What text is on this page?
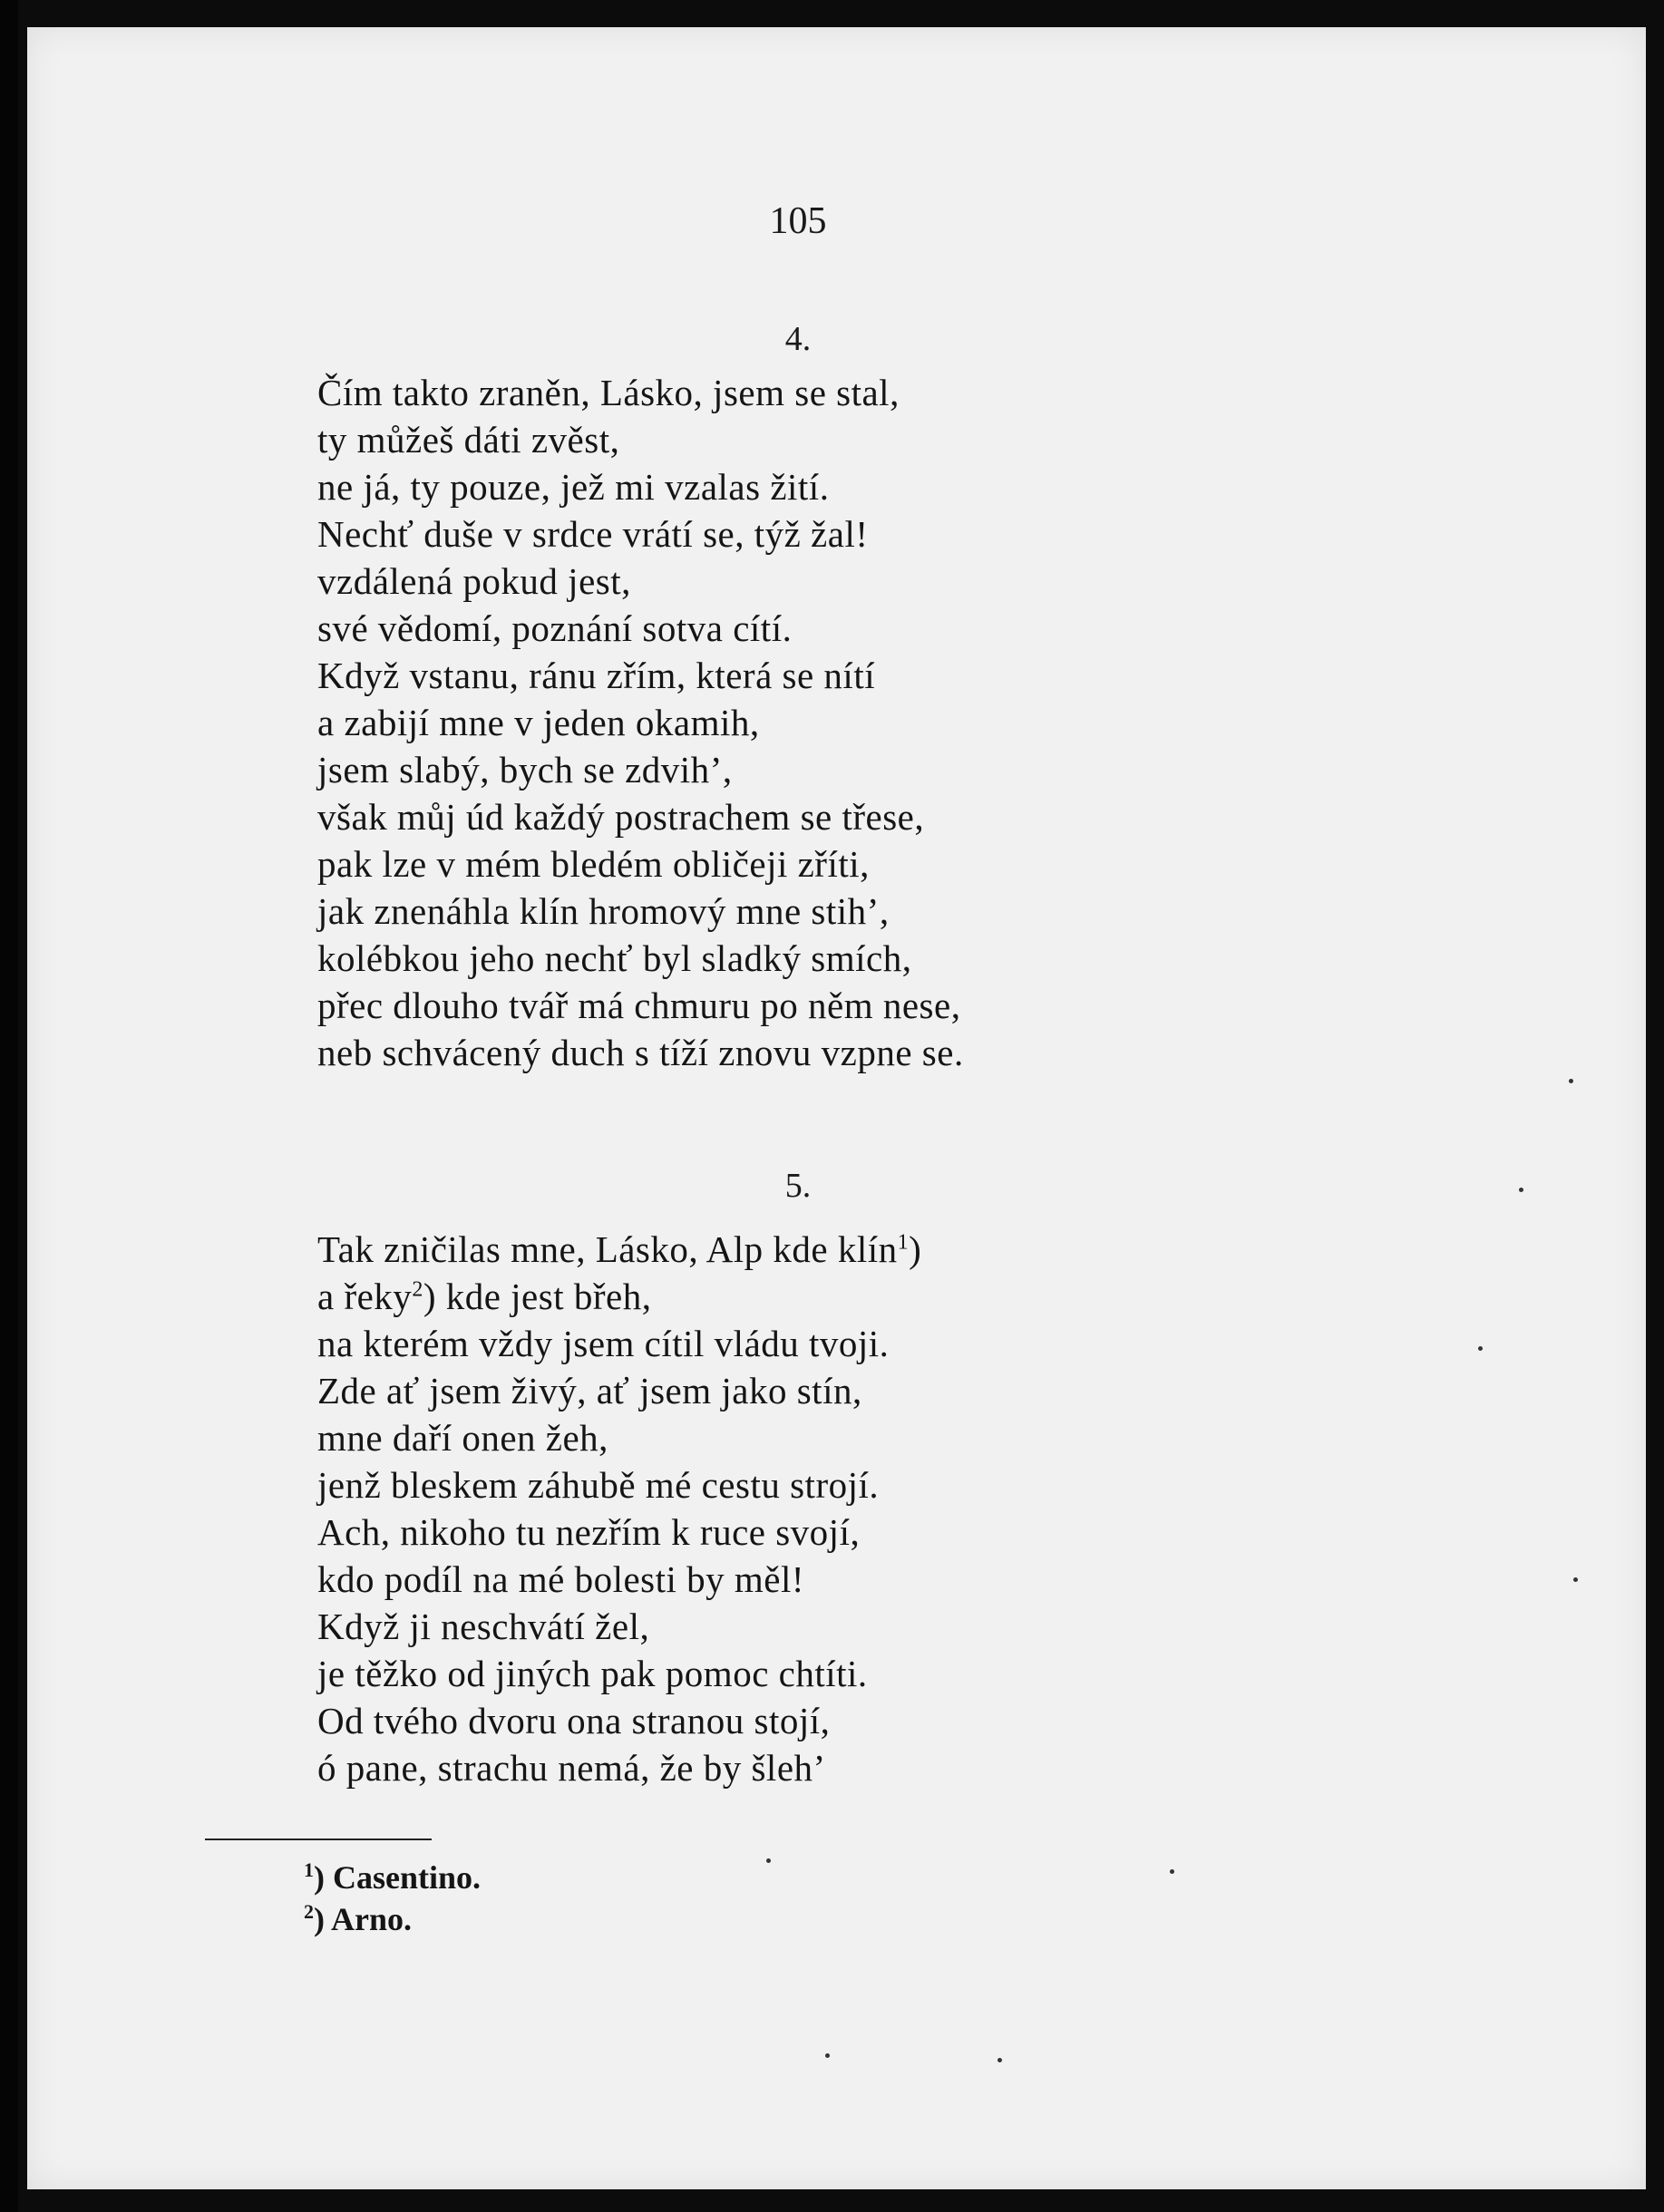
105
4.
Čím takto zraněn, Lásko, jsem se stal,
ty můžeš dáti zvěst,
ne já, ty pouze, jež mi vzalas žití.
Nechť duše v srdce vrátí se, týž žal!
vzdálená pokud jest,
své vědomí, poznání sotva cítí.
Když vstanu, ránu zřím, která se nítí
a zabijí mne v jeden okamih,
jsem slabý, bych se zdvih’,
však můj úd každý postrachem se třese,
pak lze v mém bledém obličeji zříti,
jak znenáhla klín hromový mne stih’,
kolébkou jeho nechť byl sladký smích,
přec dlouho tvář má chmuru po něm nese,
neb schvácený duch s tíží znovu vzpne se.
5.
Tak zničilas mne, Lásko, Alp kde klín$^1$)
a řeky$^2$) kde jest břeh,
na kterém vždy jsem cítil vládu tvoji.
Zde ať jsem živý, ať jsem jako stín,
mne daří onen žeh,
jenž bleskem záhubě mé cestu strojí.
Ach, nikoho tu nezřím k ruce svojí,
kdo podíl na mé bolesti by měl!
Když ji neschvátí žel,
je těžko od jiných pak pomoc chtíti.
Od tvého dvoru ona stranou stojí,
ó pane, strachu nemá, že by šleh’
$^1$) Casentino.
$^2$) Arno.
